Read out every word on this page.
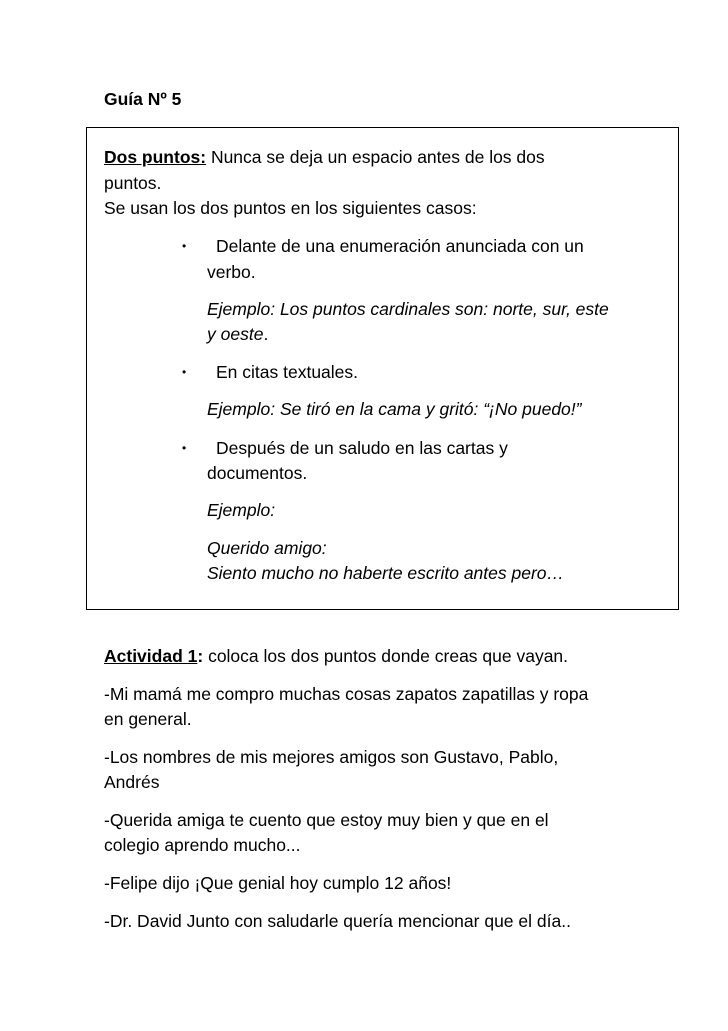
Guía Nº 5
Dos puntos: Nunca se deja un espacio antes de los dos
puntos.
Se usan los dos puntos en los siguientes casos:
• Delante de una enumeración anunciada con un
verbo.
Ejemplo: Los puntos cardinales son: norte, sur, este
y oeste.
• En citas textuales.
Ejemplo: Se tiró en la cama y gritó: “¡No puedo!”
• Después de un saludo en las cartas y
documentos.
Ejemplo:
Querido amigo:
Siento mucho no haberte escrito antes pero…
Actividad 1: coloca los dos puntos donde creas que vayan.
-Mi mamá me compro muchas cosas zapatos zapatillas y ropa
en general.
-Los nombres de mis mejores amigos son Gustavo, Pablo,
Andrés
-Querida amiga te cuento que estoy muy bien y que en el
colegio aprendo mucho...
-Felipe dijo ¡Que genial hoy cumplo 12 años!
-Dr. David Junto con saludarle quería mencionar que el día..
